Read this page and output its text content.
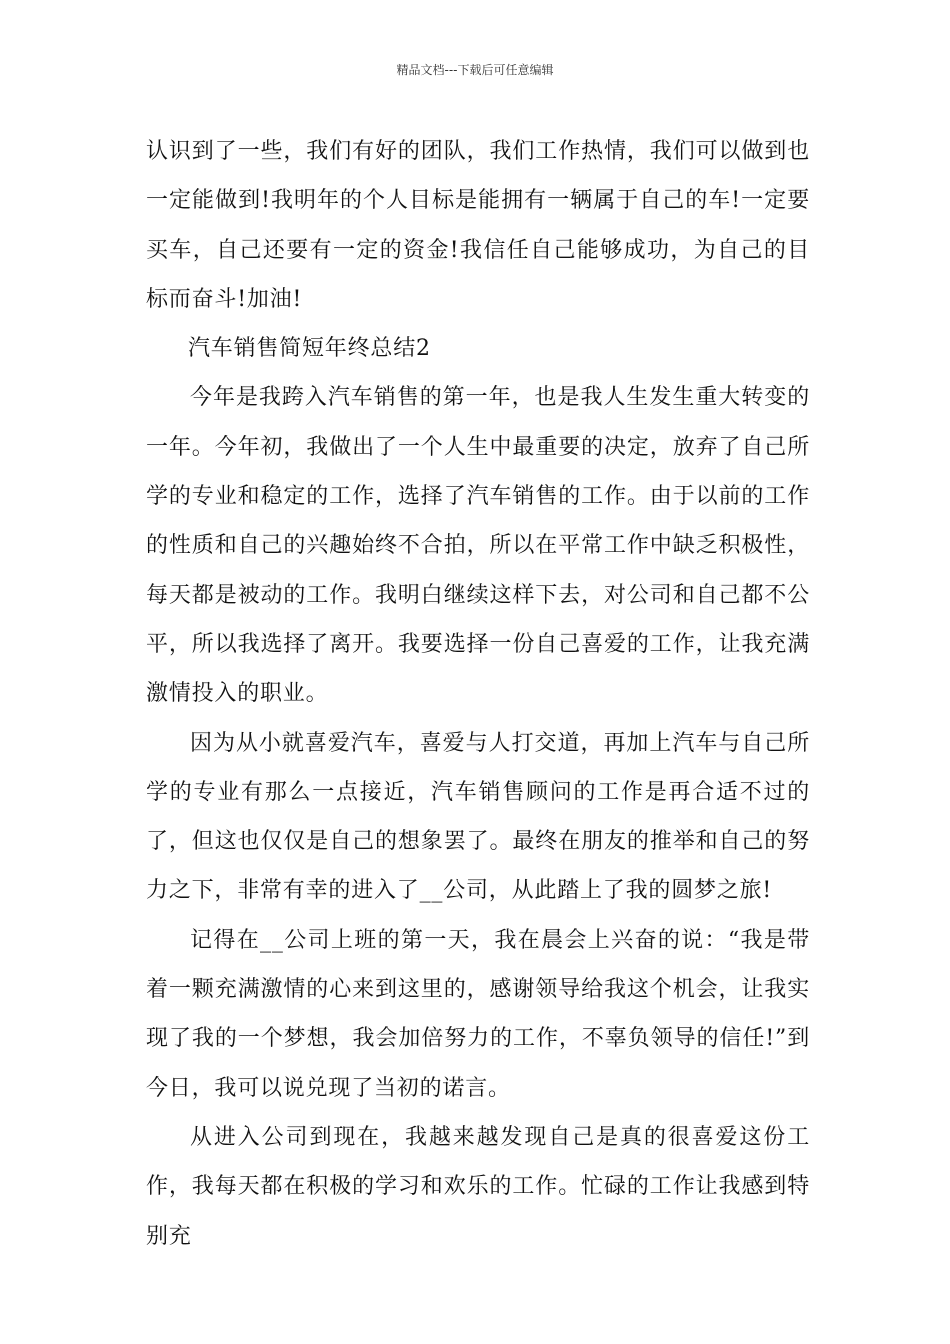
精品文档---下载后可任意编辑

认识到了一些，我们有好的团队，我们工作热情，我们可以做到也一定能做到!我明年的个人目标是能拥有一辆属于自己的车!一定要买车，自己还要有一定的资金!我信任自己能够成功，为自己的目标而奋斗!加油!

汽车销售简短年终总结2

今年是我跨入汽车销售的第一年，也是我人生发生重大转变的一年。今年初，我做出了一个人生中最重要的决定，放弃了自己所学的专业和稳定的工作，选择了汽车销售的工作。由于以前的工作的性质和自己的兴趣始终不合拍，所以在平常工作中缺乏积极性，每天都是被动的工作。我明白继续这样下去，对公司和自己都不公平，所以我选择了离开。我要选择一份自己喜爱的工作，让我充满激情投入的职业。

因为从小就喜爱汽车，喜爱与人打交道，再加上汽车与自己所学的专业有那么一点接近，汽车销售顾问的工作是再合适不过的了，但这也仅仅是自己的想象罢了。最终在朋友的推举和自己的努力之下，非常有幸的进入了__公司，从此踏上了我的圆梦之旅!

记得在__公司上班的第一天，我在晨会上兴奋的说：“我是带着一颗充满激情的心来到这里的，感谢领导给我这个机会，让我实现了我的一个梦想，我会加倍努力的工作，不辜负领导的信任!”到今日，我可以说兑现了当初的诺言。

从进入公司到现在，我越来越发现自己是真的很喜爱这份工作，我每天都在积极的学习和欢乐的工作。忙碌的工作让我感到特别充
